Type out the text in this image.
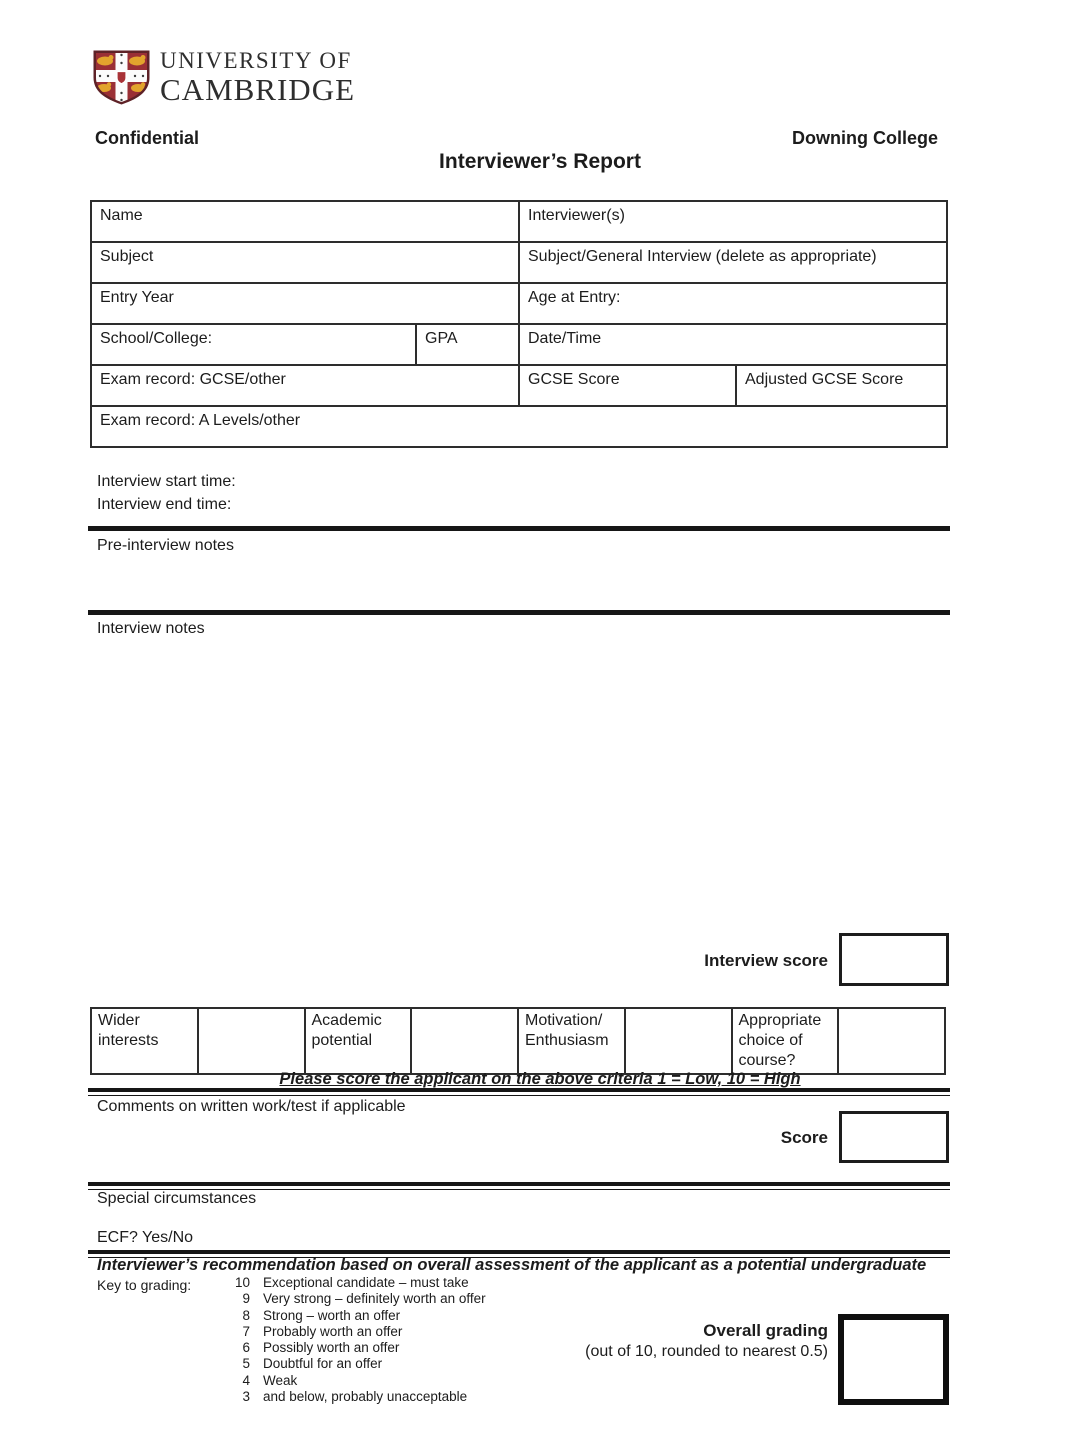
UNIVERSITY OF
CAMBRIDGE
Confidential	Downing College
Interviewer’s Report
Name		Interviewer(s)	
Subject		Subject/General Interview (delete as appropriate)	
Entry Year		Age at Entry:	
School/College:	GPA	Date/Time	
Exam record: GCSE/other		GCSE Score	Adjusted GCSE Score
Exam record: A Levels/other			
Interview start time:
Interview end time:
Pre-interview notes
Interview notes
Interview score
Wider interests		Academic potential		Motivation/ Enthusiasm		Appropriate choice of course?	
Please score the applicant on the above criteria 1 = Low, 10 = High
Comments on written work/test if applicable
Score
Special circumstances
ECF? Yes/No
Interviewer’s recommendation based on overall assessment of the applicant as a potential undergraduate
Key to grading:	10 Exceptional candidate – must take
9 Very strong – definitely worth an offer
8 Strong – worth an offer
7 Probably worth an offer
6 Possibly worth an offer
5 Doubtful for an offer
4 Weak
3 and below, probably unacceptable
Overall grading
(out of 10, rounded to nearest 0.5)
